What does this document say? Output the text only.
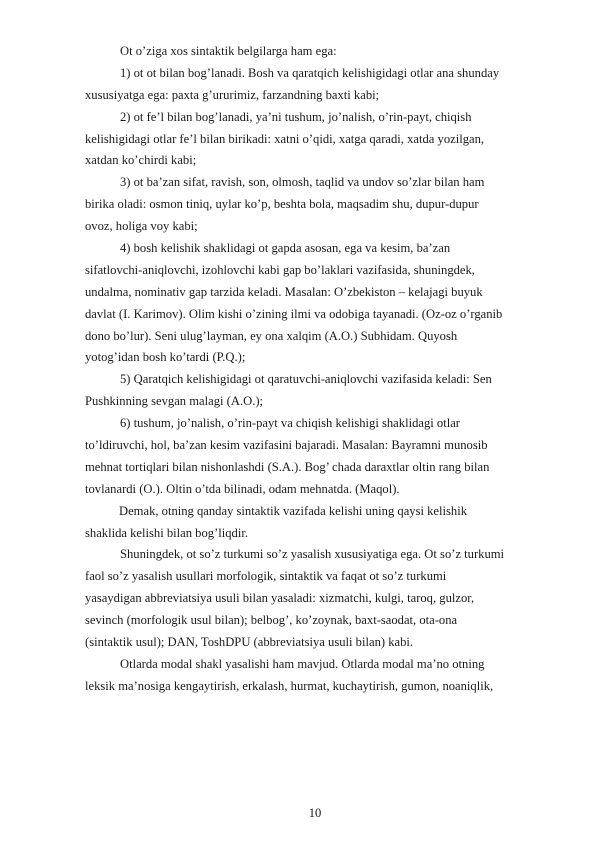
Ot o’ziga xos sintaktik belgilarga ham ega:
1) ot ot bilan bog’lanadi. Bosh va qaratqich kelishigidagi otlar ana shunday
xususiyatga ega: paxta g’ururimiz, farzandning baxti kabi;
2) ot fe’l bilan bog’lanadi, ya’ni tushum, jo’nalish, o’rin-payt, chiqish
kelishigidagi otlar fe’l bilan birikadi: xatni o’qidi, xatga qaradi, xatda yozilgan,
xatdan ko’chirdi kabi;
3) ot ba’zan sifat, ravish, son, olmosh, taqlid va undov so’zlar bilan ham
birika oladi: osmon tiniq, uylar ko’p, beshta bola, maqsadim shu, dupur-dupur
ovoz, holiga voy kabi;
4) bosh kelishik shaklidagi ot gapda asosan, ega va kesim, ba’zan
sifatlovchi-aniqlovchi, izohlovchi kabi gap bo’laklari vazifasida, shuningdek,
undalma, nominativ gap tarzida keladi. Masalan: O’zbekiston – kelajagi buyuk
davlat (I. Karimov). Olim kishi o’zining ilmi va odobiga tayanadi. (Oz-oz o’rganib
dono bo’lur). Seni ulug’layman, ey ona xalqim (A.O.) Subhidam. Quyosh
yotog’idan bosh ko’tardi (P.Q.);
5) Qaratqich kelishigidagi ot qaratuvchi-aniqlovchi vazifasida keladi: Sen
Pushkinning sevgan malagi (A.O.);
6) tushum, jo’nalish, o’rin-payt va chiqish kelishigi shaklidagi otlar
to’ldiruvchi, hol, ba’zan kesim vazifasini bajaradi. Masalan: Bayramni munosib
mehnat tortiqlari bilan nishonlashdi (S.A.). Bog’ chada daraxtlar oltin rang bilan
tovlanardi (O.). Oltin o’tda bilinadi, odam mehnatda. (Maqol).
Demak, otning qanday sintaktik vazifada kelishi uning qaysi kelishik
shaklida kelishi bilan bog’liqdir.
Shuningdek, ot so’z turkumi so’z yasalish xususiyatiga ega. Ot so’z turkumi
faol so’z yasalish usullari morfologik, sintaktik va faqat ot so’z turkumi
yasaydigan abbreviatsiya usuli bilan yasaladi: xizmatchi, kulgi, taroq, gulzor,
sevinch (morfologik usul bilan); belbog’, ko’zoynak, baxt-saodat, ota-ona
(sintaktik usul); DAN, ToshDPU (abbreviatsiya usuli bilan) kabi.
Otlarda modal shakl yasalishi ham mavjud. Otlarda modal ma’no otning
leksik ma’nosiga kengaytirish, erkalash, hurmat, kuchaytirish, gumon, noaniqlik,
10
